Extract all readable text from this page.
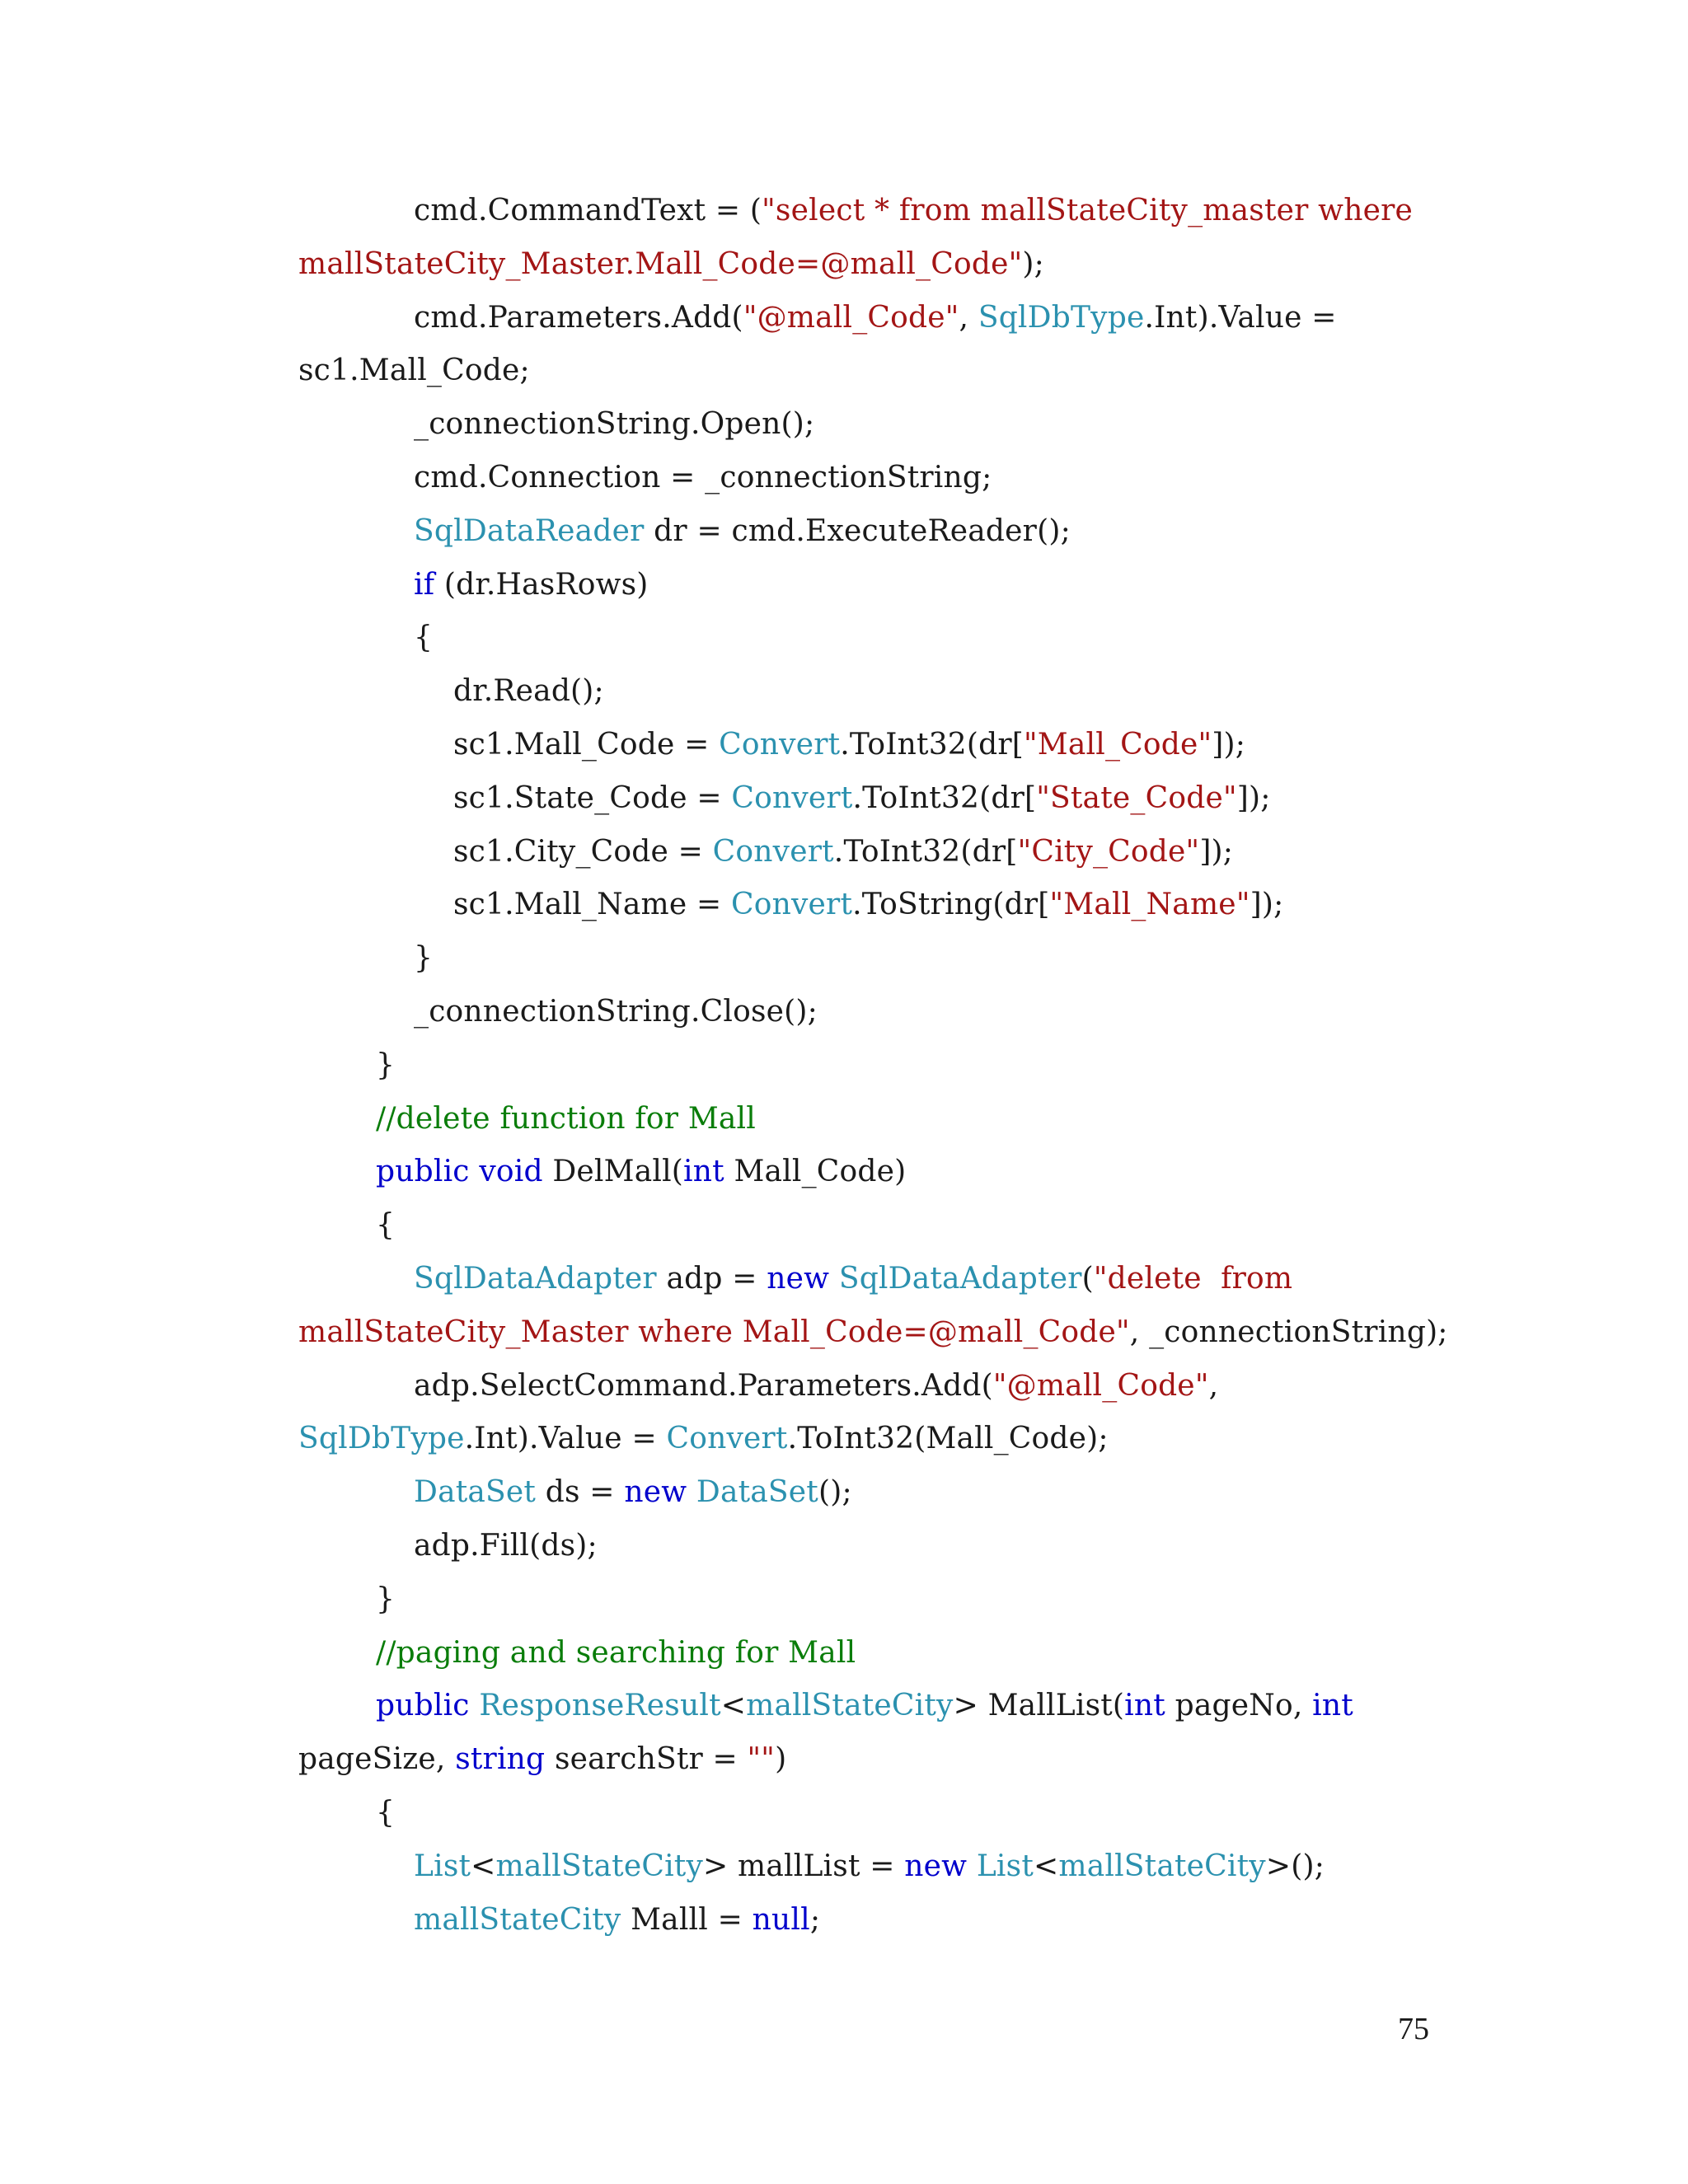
cmd.CommandText = ("select * from mallStateCity_master where
mallStateCity_Master.Mall_Code=@mall_Code");
cmd.Parameters.Add("@mall_Code", SqlDbType.Int).Value =
sc1.Mall_Code;
_connectionString.Open();
cmd.Connection = _connectionString;
SqlDataReader dr = cmd.ExecuteReader();
if (dr.HasRows)
{
dr.Read();
sc1.Mall_Code = Convert.ToInt32(dr["Mall_Code"]);
sc1.State_Code = Convert.ToInt32(dr["State_Code"]);
sc1.City_Code = Convert.ToInt32(dr["City_Code"]);
sc1.Mall_Name = Convert.ToString(dr["Mall_Name"]);
}
_connectionString.Close();
}
//delete function for Mall
public void DelMall(int Mall_Code)
{
SqlDataAdapter adp = new SqlDataAdapter("delete  from
mallStateCity_Master where Mall_Code=@mall_Code", _connectionString);
adp.SelectCommand.Parameters.Add("@mall_Code",
SqlDbType.Int).Value = Convert.ToInt32(Mall_Code);
DataSet ds = new DataSet();
adp.Fill(ds);
}
//paging and searching for Mall
public ResponseResult<mallStateCity> MallList(int pageNo, int
pageSize, string searchStr = "")
{
List<mallStateCity> mallList = new List<mallStateCity>();
mallStateCity Malll = null;
75
